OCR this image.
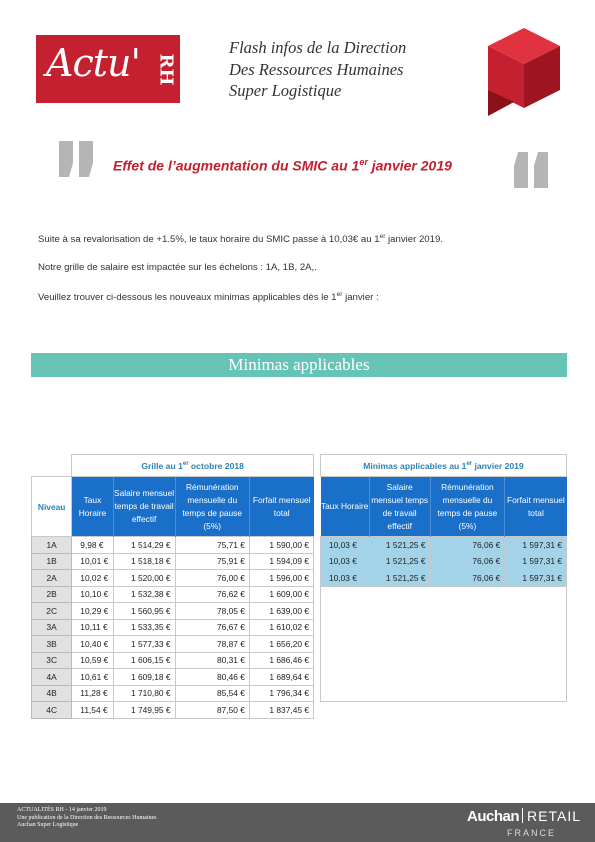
Actu' RH
Flash infos de la Direction
Des Ressources Humaines
Super Logistique
Effet de l’augmentation du SMIC au 1er janvier 2019
Suite à sa revalorisation de +1.5%, le taux horaire du SMIC passe à 10,03€ au 1er janvier 2019.
Notre grille de salaire est impactée sur les échelons : 1A, 1B, 2A,.
Veuillez trouver ci-dessous les nouveaux minimas applicables dès le 1er janvier :
Minimas applicables
	Grille au 1er octobre 2018			
Niveau	Taux Horaire	Salaire mensuel temps de travail effectif	Rémunération mensuelle du temps de pause (5%)	Forfait mensuel total
1A	9,98 €	1 514,29 €	75,71 €	1 590,00 €
1B	10,01 €	1 518,18 €	75,91 €	1 594,09 €
2A	10,02 €	1 520,00 €	76,00 €	1 596,00 €
2B	10,10 €	1 532,38 €	76,62 €	1 609,00 €
2C	10,29 €	1 560,95 €	78,05 €	1 639,00 €
3A	10,11 €	1 533,35 €	76,67 €	1 610,02 €
3B	10,40 €	1 577,33 €	78,87 €	1 656,20 €
3C	10,59 €	1 606,15 €	80,31 €	1 686,46 €
4A	10,61 €	1 609,18 €	80,46 €	1 689,64 €
4B	11,28 €	1 710,80 €	85,54 €	1 796,34 €
4C	11,54 €	1 749,95 €	87,50 €	1 837,45 €
Minimas applicables au 1er janvier 2019			
Taux Horaire	Salaire mensuel temps de travail effectif	Rémunération mensuelle du temps de pause (5%)	Forfait mensuel total
10,03 €	1 521,25 €	76,06 €	1 597,31 €
10,03 €	1 521,25 €	76,06 €	1 597,31 €
10,03 €	1 521,25 €	76,06 €	1 597,31 €

ACTUALITÉS RH - 14 janvier 2019
Une publication de la Direction des Ressources Humaines
Auchan Super Logistique	Auchan RETAIL
FRANCE
